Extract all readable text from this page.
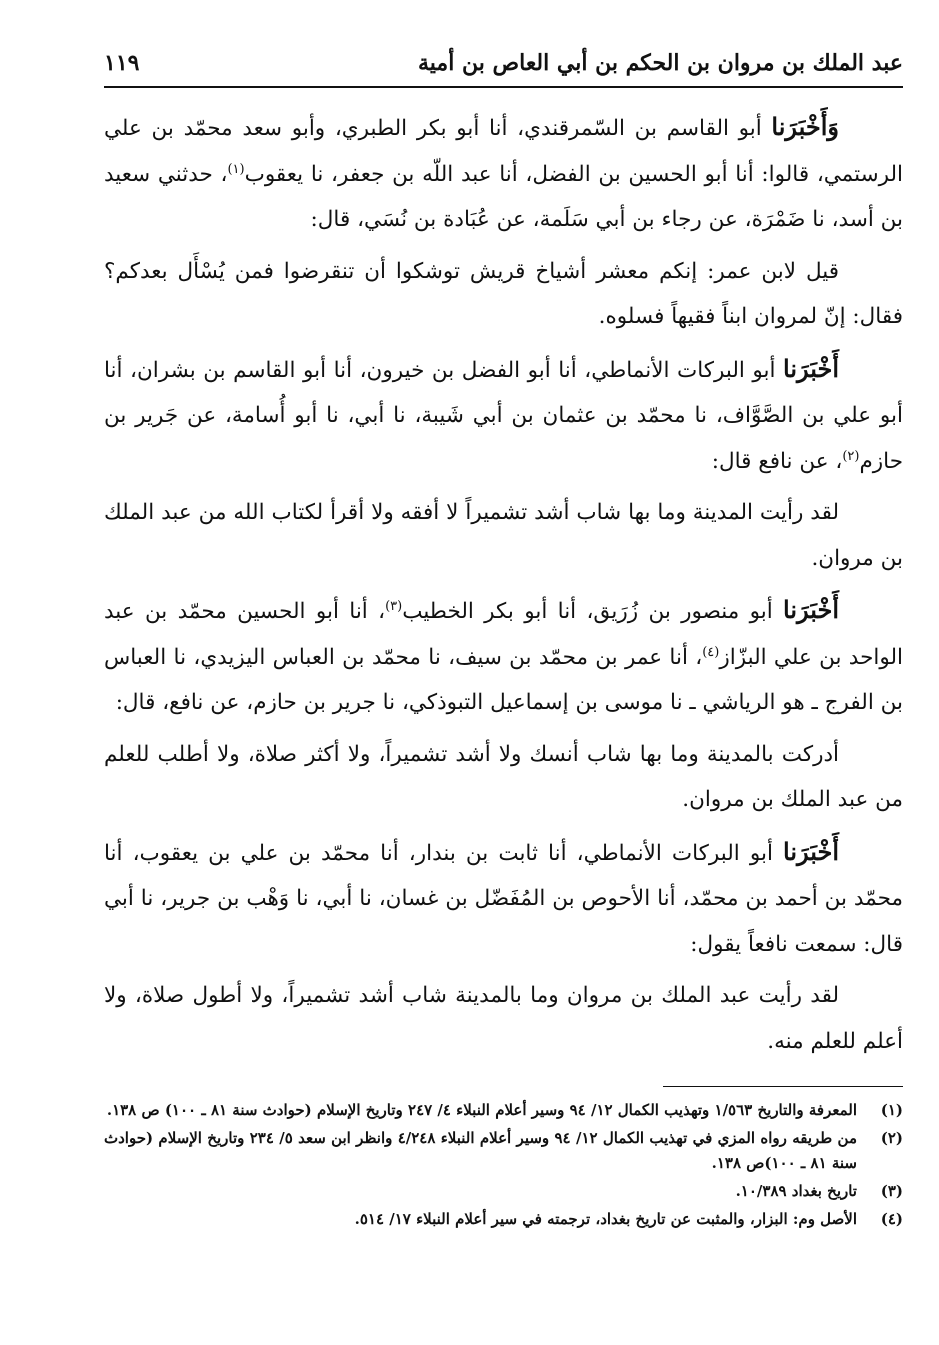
عبد الملك بن مروان بن الحكم بن أبي العاص بن أمية
١١٩

وَأَخْبَرَنا أبو القاسم بن السّمرقندي، أنا أبو بكر الطبري، وأبو سعد محمّد بن علي الرستمي، قالوا: أنا أبو الحسين بن الفضل، أنا عبد اللّه بن جعفر، نا يعقوب$^{(١)}$، حدثني سعيد بن أسد، نا ضَمْرَة، عن رجاء بن أبي سَلَمة، عن عُبَادة بن نُسَي، قال:

قيل لابن عمر: إنكم معشر أشياخ قريش توشكوا أن تنقرضوا فمن يُسْأَل بعدكم؟ فقال: إنّ لمروان ابناً فقيهاً فسلوه.

أَخْبَرَنا أبو البركات الأنماطي، أنا أبو الفضل بن خيرون، أنا أبو القاسم بن بشران، أنا أبو علي بن الصَّوَّاف، نا محمّد بن عثمان بن أبي شَيبة، نا أبي، نا أبو أُسامة، عن جَرير بن حازم$^{(٢)}$، عن نافع قال:

لقد رأيت المدينة وما بها شاب أشد تشميراً لا أفقه ولا أقرأ لكتاب الله من عبد الملك بن مروان.

أَخْبَرَنا أبو منصور بن زُرَيق، أنا أبو بكر الخطيب$^{(٣)}$، أنا أبو الحسين محمّد بن عبد الواحد بن علي البزّاز$^{(٤)}$، أنا عمر بن محمّد بن سيف، نا محمّد بن العباس اليزيدي، نا العباس بن الفرج ـ هو الرياشي ـ نا موسى بن إسماعيل التبوذكي، نا جرير بن حازم، عن نافع، قال:

أدركت بالمدينة وما بها شاب أنسك ولا أشد تشميراً، ولا أكثر صلاة، ولا أطلب للعلم من عبد الملك بن مروان.

أَخْبَرَنا أبو البركات الأنماطي، أنا ثابت بن بندار، أنا محمّد بن علي بن يعقوب، أنا محمّد بن أحمد بن محمّد، أنا الأحوص بن المُفَضّل بن غسان، نا أبي، نا وَهْب بن جرير، نا أبي قال: سمعت نافعاً يقول:

لقد رأيت عبد الملك بن مروان وما بالمدينة شاب أشد تشميراً، ولا أطول صلاة، ولا أعلم للعلم منه.

(١)
المعرفة والتاريخ ١/٥٦٣ وتهذيب الكمال ١٢/ ٩٤ وسير أعلام النبلاء ٤/ ٢٤٧ وتاريخ الإسلام (حوادث سنة ٨١ ـ ١٠٠) ص ١٣٨.
(٢)
من طريقه رواه المزي في تهذيب الكمال ١٢/ ٩٤ وسير أعلام النبلاء ٤/٢٤٨ وانظر ابن سعد ٥/ ٢٣٤ وتاريخ الإسلام (حوادث سنة ٨١ ـ ١٠٠)ص ١٣٨.
(٣)
تاريخ بغداد ١٠/٣٨٩.
(٤)
الأصل وم: البزار، والمثبت عن تاريخ بغداد، ترجمته في سير أعلام النبلاء ١٧/ ٥١٤.
